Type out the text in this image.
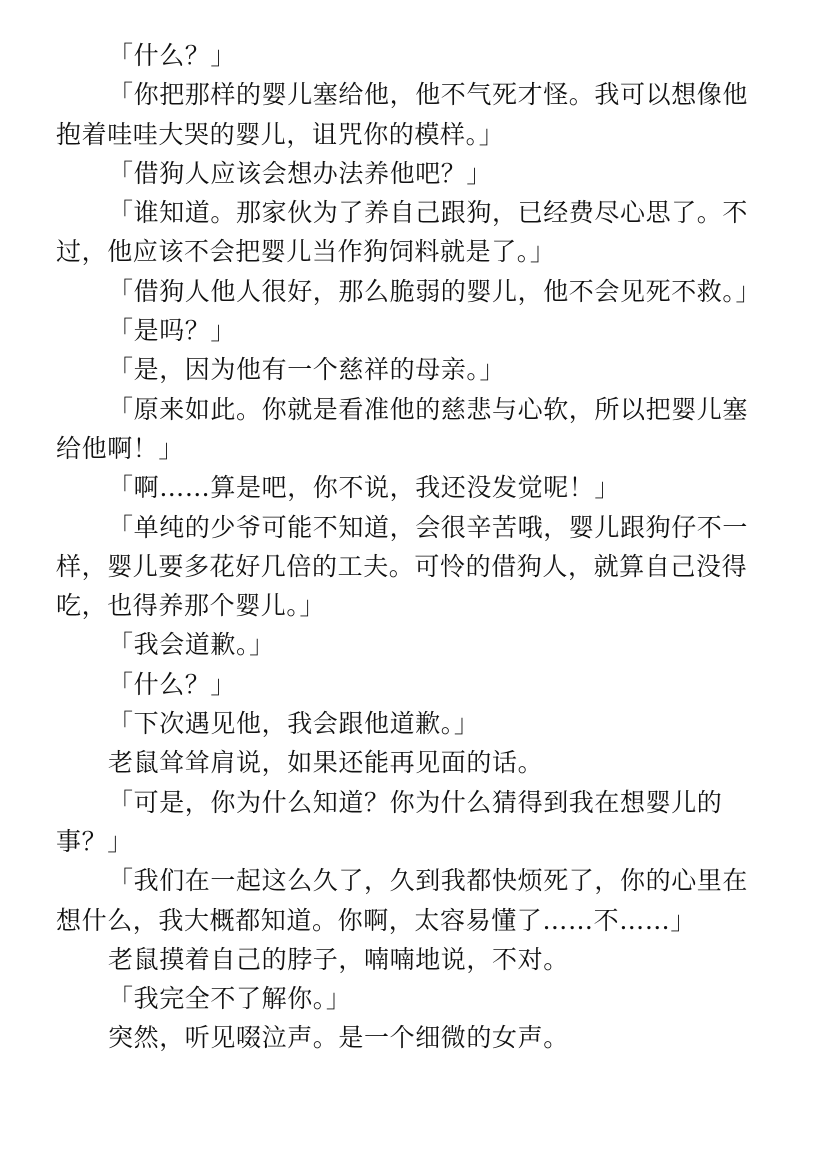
「什么？」

「你把那样的婴儿塞给他，他不气死才怪。我可以想像他抱着哇哇大哭的婴儿，诅咒你的模样。」

「借狗人应该会想办法养他吧？」

「谁知道。那家伙为了养自己跟狗，已经费尽心思了。不过，他应该不会把婴儿当作狗饲料就是了。」

「借狗人他人很好，那么脆弱的婴儿，他不会见死不救。」

「是吗？」

「是，因为他有一个慈祥的母亲。」

「原来如此。你就是看准他的慈悲与心软，所以把婴儿塞给他啊！」

「啊……算是吧，你不说，我还没发觉呢！」

「单纯的少爷可能不知道，会很辛苦哦，婴儿跟狗仔不一样，婴儿要多花好几倍的工夫。可怜的借狗人，就算自己没得吃，也得养那个婴儿。」

「我会道歉。」

「什么？」

「下次遇见他，我会跟他道歉。」

老鼠耸耸肩说，如果还能再见面的话。

「可是，你为什么知道？你为什么猜得到我在想婴儿的事？」

「我们在一起这么久了，久到我都快烦死了，你的心里在想什么，我大概都知道。你啊，太容易懂了……不……」

老鼠摸着自己的脖子，喃喃地说，不对。

「我完全不了解你。」

突然，听见啜泣声。是一个细微的女声。
